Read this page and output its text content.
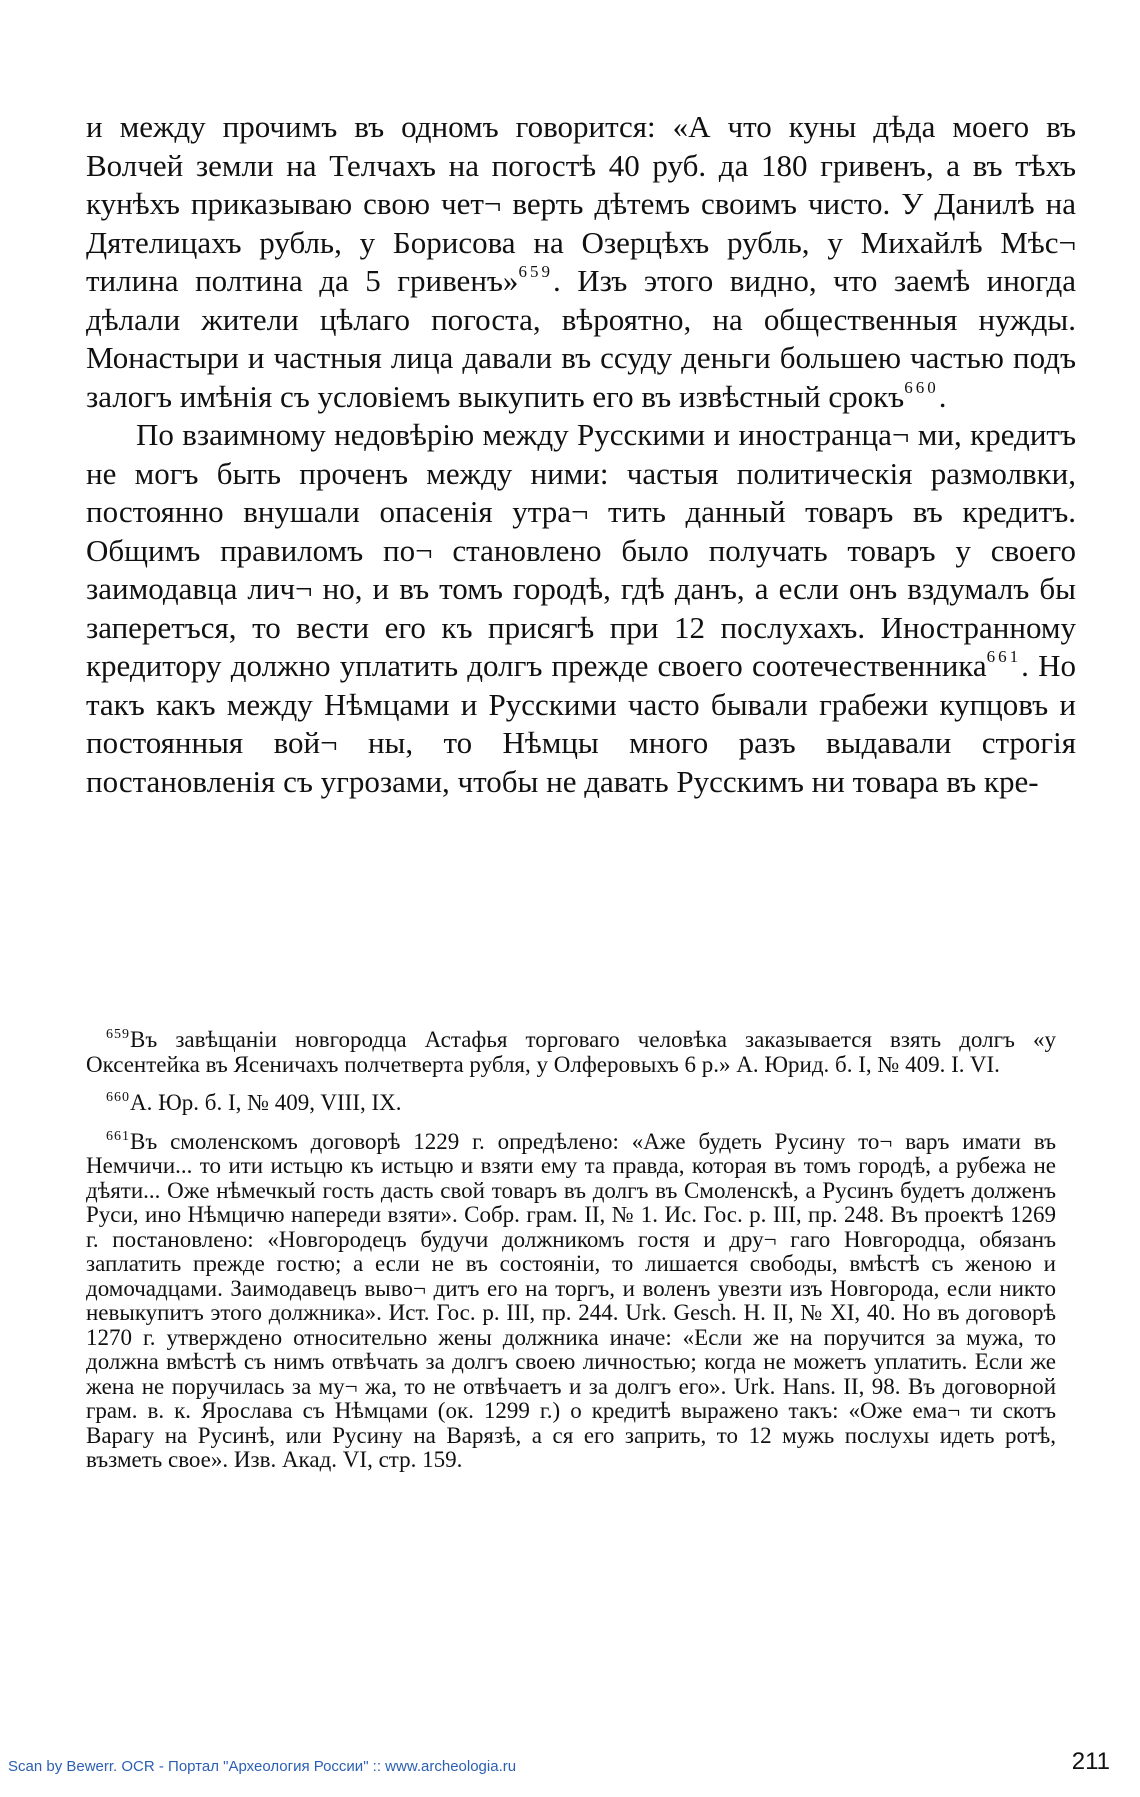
и между прочимъ въ одномъ говорится: «А что куны дѣда моего въ Волчей земли на Телчахъ на погостѣ 40 руб. да 180 гривенъ, а въ тѣхъ кунѣхъ приказываю свою чет¬ верть дѣтемъ своимъ чисто. У Данилѣ на Дятелицахъ рубль, у Борисова на Озерцѣхъ рубль, у Михайлѣ Мѣс¬ тилина полтина да 5 гривенъ»$^{659}$. Изъ этого видно, что заемѣ иногда дѣлали жители цѣлаго погоста, вѣроятно, на общественныя нужды. Монастыри и частныя лица давали въ ссуду деньги большею частью подъ залогъ имѣнія съ условіемъ выкупить его въ извѣстный срокъ$^{660}$.

По взаимному недовѣрію между Русскими и иностранца¬ ми, кредитъ не могъ быть проченъ между ними: частыя политическія размолвки, постоянно внушали опасенія утра¬ тить данный товаръ въ кредитъ. Общимъ правиломъ по¬ становлено было получать товаръ у своего заимодавца лич¬ но, и въ томъ городѣ, гдѣ данъ, а если онъ вздумалъ бы заперетъся, то вести его къ присягѣ при 12 послухахъ. Иностранному кредитору должно уплатить долгъ прежде своего соотечественника$^{661}$. Но такъ какъ между Нѣмцами и Русскими часто бывали грабежи купцовъ и постоянныя вой¬ ны, то Нѣмцы много разъ выдавали строгія постановленія съ угрозами, чтобы не давать Русскимъ ни товара въ кре-

$^{659}$Въ завѣщаніи новгородца Астафья торговаго человѣка заказывается взять долгъ «у Оксентейка въ Ясеничахъ полчетверта рубля, у Олферовыхъ 6 р.» А. Юрид. б. I, № 409. I. VI.

$^{660}$А. Юр. б. I, № 409, VIII, IX.

$^{661}$Въ смоленскомъ договорѣ 1229 г. опредѣлено: «Аже будеть Русину то¬ варъ имати въ Немчичи... то ити истьцю къ истьцю и взяти ему та правда, которая въ томъ городѣ, а рубежа не дѣяти... Оже нѣмечкый гость дасть свой товаръ въ долгъ въ Смоленскѣ, а Русинъ будетъ долженъ Руси, ино Нѣмцичю напереди взяти». Собр. грам. II, № 1. Ис. Гос. р. III, пр. 248. Въ проектѣ 1269 г. постановлено: «Новгородецъ будучи должникомъ гостя и дру¬ гаго Новгородца, обязанъ заплатить прежде гостю; а если не въ состояніи, то лишается свободы, вмѣстѣ съ женою и домочадцами. Заимодавецъ выво¬ дитъ его на торгъ, и воленъ увезти изъ Новгорода, если никто невыкупитъ этого должника». Ист. Гос. р. III, пр. 244. Urk. Gesch. Н. II, № XI, 40. Но въ договорѣ 1270 г. утверждено относительно жены должника иначе: «Если же на поручится за мужа, то должна вмѣстѣ съ нимъ отвѣчать за долгъ своею личностью; когда не можетъ уплатить. Если же жена не поручилась за му¬ жа, то не отвѣчаетъ и за долгъ его». Urk. Hans. II, 98. Въ договорной грам. в. к. Ярослава съ Нѣмцами (ок. 1299 г.) о кредитѣ выражено такъ: «Оже ема¬ ти скотъ Варагу на Русинѣ, или Русину на Варязѣ, а ся его заприть, то 12 мужь послухы идеть ротѣ, възметь свое». Изв. Акад. VI, стр. 159.

Scan by Bewerr. OCR - Портал "Археология России" :: www.archeologia.ru	211
